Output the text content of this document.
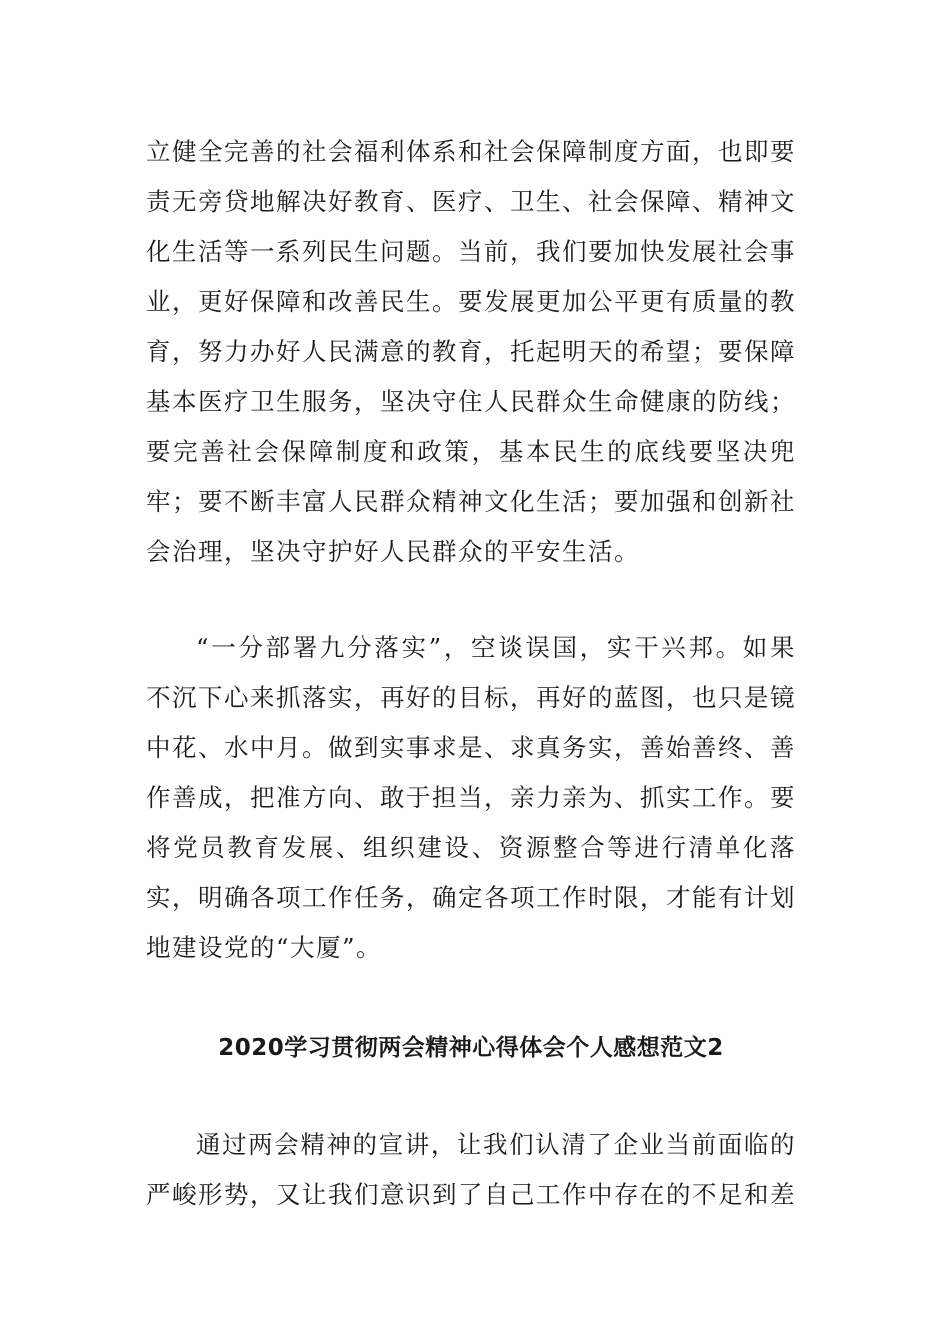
立健全完善的社会福利体系和社会保障制度方面，也即要责无旁贷地解决好教育、医疗、卫生、社会保障、精神文化生活等一系列民生问题。当前，我们要加快发展社会事业，更好保障和改善民生。要发展更加公平更有质量的教育，努力办好人民满意的教育，托起明天的希望；要保障基本医疗卫生服务，坚决守住人民群众生命健康的防线；要完善社会保障制度和政策，基本民生的底线要坚决兜牢；要不断丰富人民群众精神文化生活；要加强和创新社会治理，坚决守护好人民群众的平安生活。

“一分部署九分落实”，空谈误国，实干兴邦。如果不沉下心来抓落实，再好的目标，再好的蓝图，也只是镜中花、水中月。做到实事求是、求真务实，善始善终、善作善成，把准方向、敢于担当，亲力亲为、抓实工作。要将党员教育发展、组织建设、资源整合等进行清单化落实，明确各项工作任务，确定各项工作时限，才能有计划地建设党的“大厦”。

2020学习贯彻两会精神心得体会个人感想范文2

通过两会精神的宣讲，让我们认清了企业当前面临的严峻形势，又让我们意识到了自己工作中存在的不足和差
